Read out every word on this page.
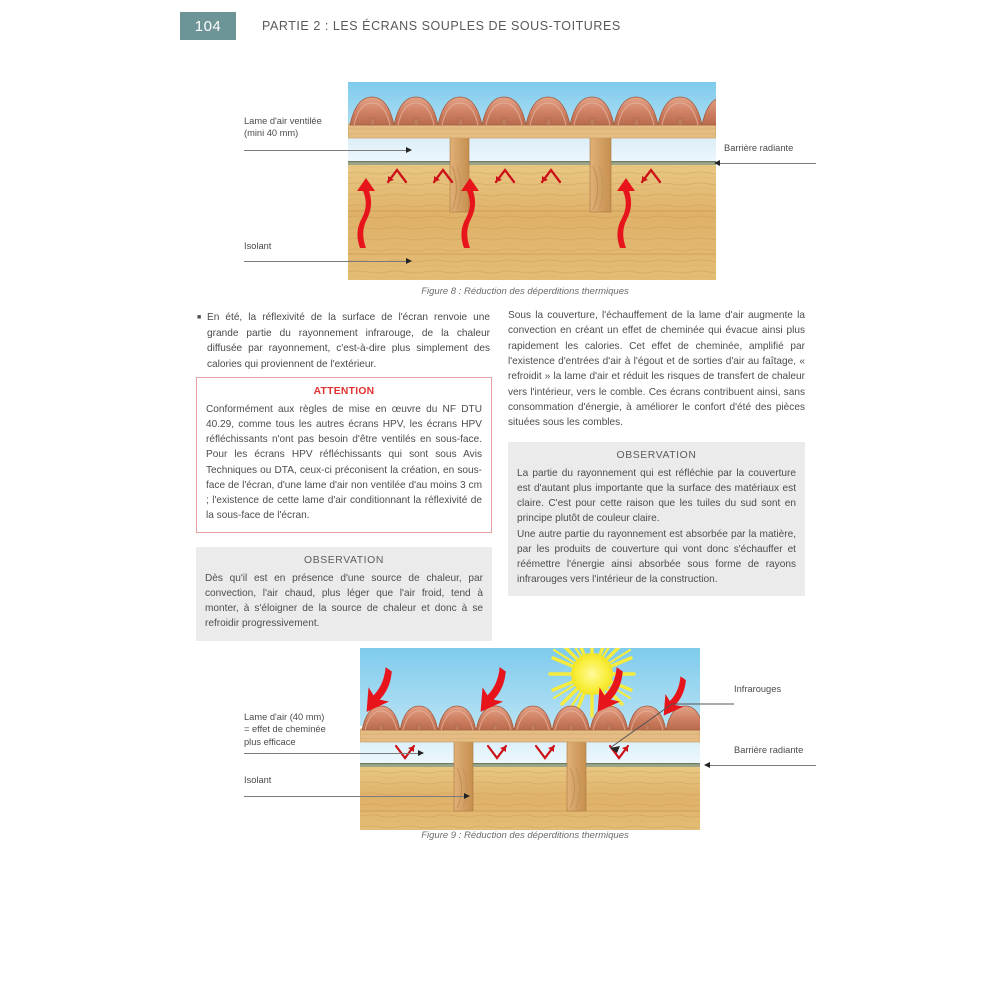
104	PARTIE 2 : LES ÉCRANS SOUPLES DE SOUS-TOITURES
Lame d'air ventilée
(mini 40 mm)
Isolant
Barrière radiante
Figure 8 : Réduction des déperditions thermiques
■ En été, la réflexivité de la surface de l'écran renvoie une grande partie du rayonnement infrarouge, de la chaleur diffusée par rayonnement, c'est-à-dire plus simplement des calories qui proviennent de l'extérieur.
ATTENTION

Conformément aux règles de mise en œuvre du NF DTU 40.29, comme tous les autres écrans HPV, les écrans HPV réfléchissants n'ont pas besoin d'être ventilés en sous-face. Pour les écrans HPV réfléchissants qui sont sous Avis Techniques ou DTA, ceux-ci préconisent la création, en sous-face de l'écran, d'une lame d'air non ventilée d'au moins 3 cm ; l'existence de cette lame d'air conditionnant la réflexivité de la sous-face de l'écran.

OBSERVATION

Dès qu'il est en présence d'une source de chaleur, par convection, l'air chaud, plus léger que l'air froid, tend à monter, à s'éloigner de la source de chaleur et donc à se refroidir progressivement.

Sous la couverture, l'échauffement de la lame d'air augmente la convection en créant un effet de cheminée qui évacue ainsi plus rapidement les calories. Cet effet de cheminée, amplifié par l'existence d'entrées d'air à l'égout et de sorties d'air au faîtage, « refroidit » la lame d'air et réduit les risques de transfert de chaleur vers l'intérieur, vers le comble. Ces écrans contribuent ainsi, sans consommation d'énergie, à améliorer le confort d'été des pièces situées sous les combles.
OBSERVATION

La partie du rayonnement qui est réfléchie par la couverture est d'autant plus importante que la surface des matériaux est claire. C'est pour cette raison que les tuiles du sud sont en principe plutôt de couleur claire.

Une autre partie du rayonnement est absorbée par la matière, par les produits de couverture qui vont donc s'échauffer et réémettre l'énergie ainsi absorbée sous forme de rayons infrarouges vers l'intérieur de la construction.

Lame d'air (40 mm)
= effet de cheminée
plus efficace
Isolant
Infrarouges
Barrière radiante
Figure 9 : Réduction des déperditions thermiques
